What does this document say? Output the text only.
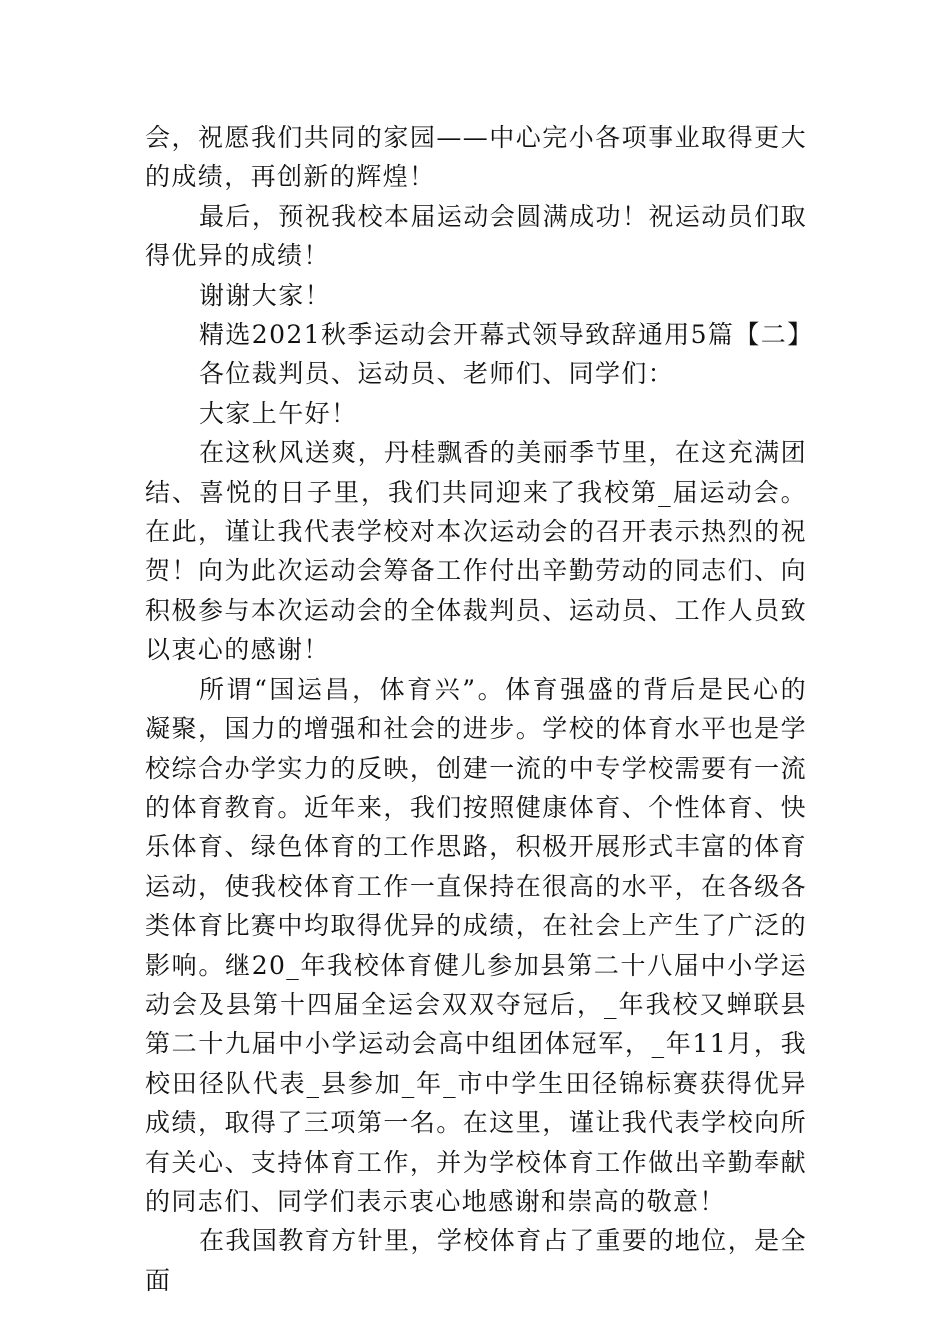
会，祝愿我们共同的家园——中心完小各项事业取得更大的成绩，再创新的辉煌！

最后，预祝我校本届运动会圆满成功！祝运动员们取得优异的成绩！

谢谢大家！

精选2021秋季运动会开幕式领导致辞通用5篇【二】

各位裁判员、运动员、老师们、同学们：

大家上午好！

在这秋风送爽，丹桂飘香的美丽季节里，在这充满团结、喜悦的日子里，我们共同迎来了我校第_届运动会。在此，谨让我代表学校对本次运动会的召开表示热烈的祝贺！向为此次运动会筹备工作付出辛勤劳动的同志们、向积极参与本次运动会的全体裁判员、运动员、工作人员致以衷心的感谢！

所谓“国运昌，体育兴”。体育强盛的背后是民心的凝聚，国力的增强和社会的进步。学校的体育水平也是学校综合办学实力的反映，创建一流的中专学校需要有一流的体育教育。近年来，我们按照健康体育、个性体育、快乐体育、绿色体育的工作思路，积极开展形式丰富的体育运动，使我校体育工作一直保持在很高的水平，在各级各类体育比赛中均取得优异的成绩，在社会上产生了广泛的影响。继20_年我校体育健儿参加县第二十八届中小学运动会及县第十四届全运会双双夺冠后，_年我校又蝉联县第二十九届中小学运动会高中组团体冠军，_年11月，我校田径队代表_县参加_年_市中学生田径锦标赛获得优异成绩，取得了三项第一名。在这里，谨让我代表学校向所有关心、支持体育工作，并为学校体育工作做出辛勤奉献的同志们、同学们表示衷心地感谢和崇高的敬意！

在我国教育方针里，学校体育占了重要的地位，是全面
